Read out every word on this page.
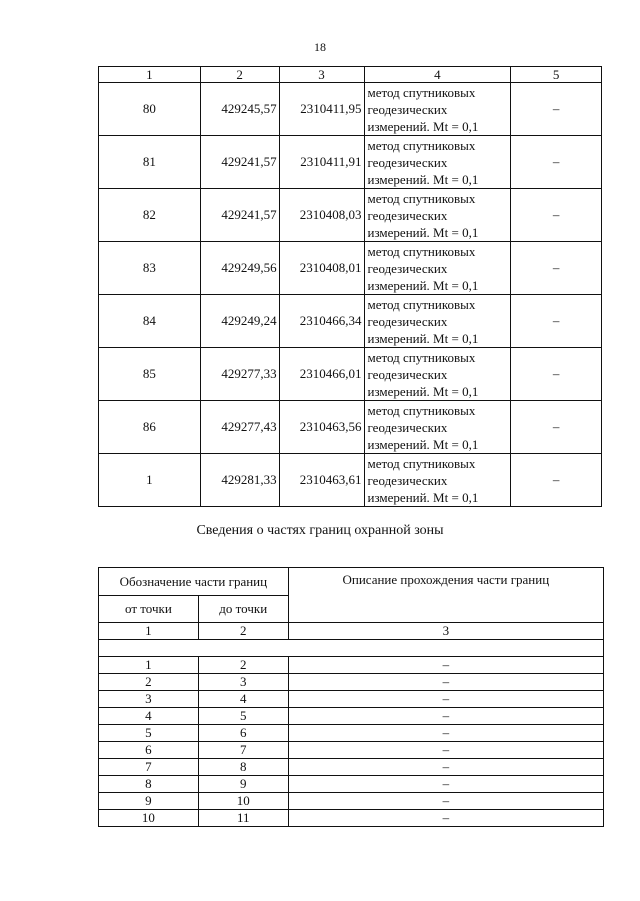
18
1	2	3	4	5
80	429245,57	2310411,95	метод спутниковых
геодезических
измерений. Mt = 0,1	–
81	429241,57	2310411,91	метод спутниковых
геодезических
измерений. Mt = 0,1	–
82	429241,57	2310408,03	метод спутниковых
геодезических
измерений. Mt = 0,1	–
83	429249,56	2310408,01	метод спутниковых
геодезических
измерений. Mt = 0,1	–
84	429249,24	2310466,34	метод спутниковых
геодезических
измерений. Mt = 0,1	–
85	429277,33	2310466,01	метод спутниковых
геодезических
измерений. Mt = 0,1	–
86	429277,43	2310463,56	метод спутниковых
геодезических
измерений. Mt = 0,1	–
1	429281,33	2310463,61	метод спутниковых
геодезических
измерений. Mt = 0,1	–
Сведения о частях границ охранной зоны
Обозначение части границ		Описание прохождения части границ
от точки	до точки	
1	2	3

1	2	–
2	3	–
3	4	–
4	5	–
5	6	–
6	7	–
7	8	–
8	9	–
9	10	–
10	11	–
